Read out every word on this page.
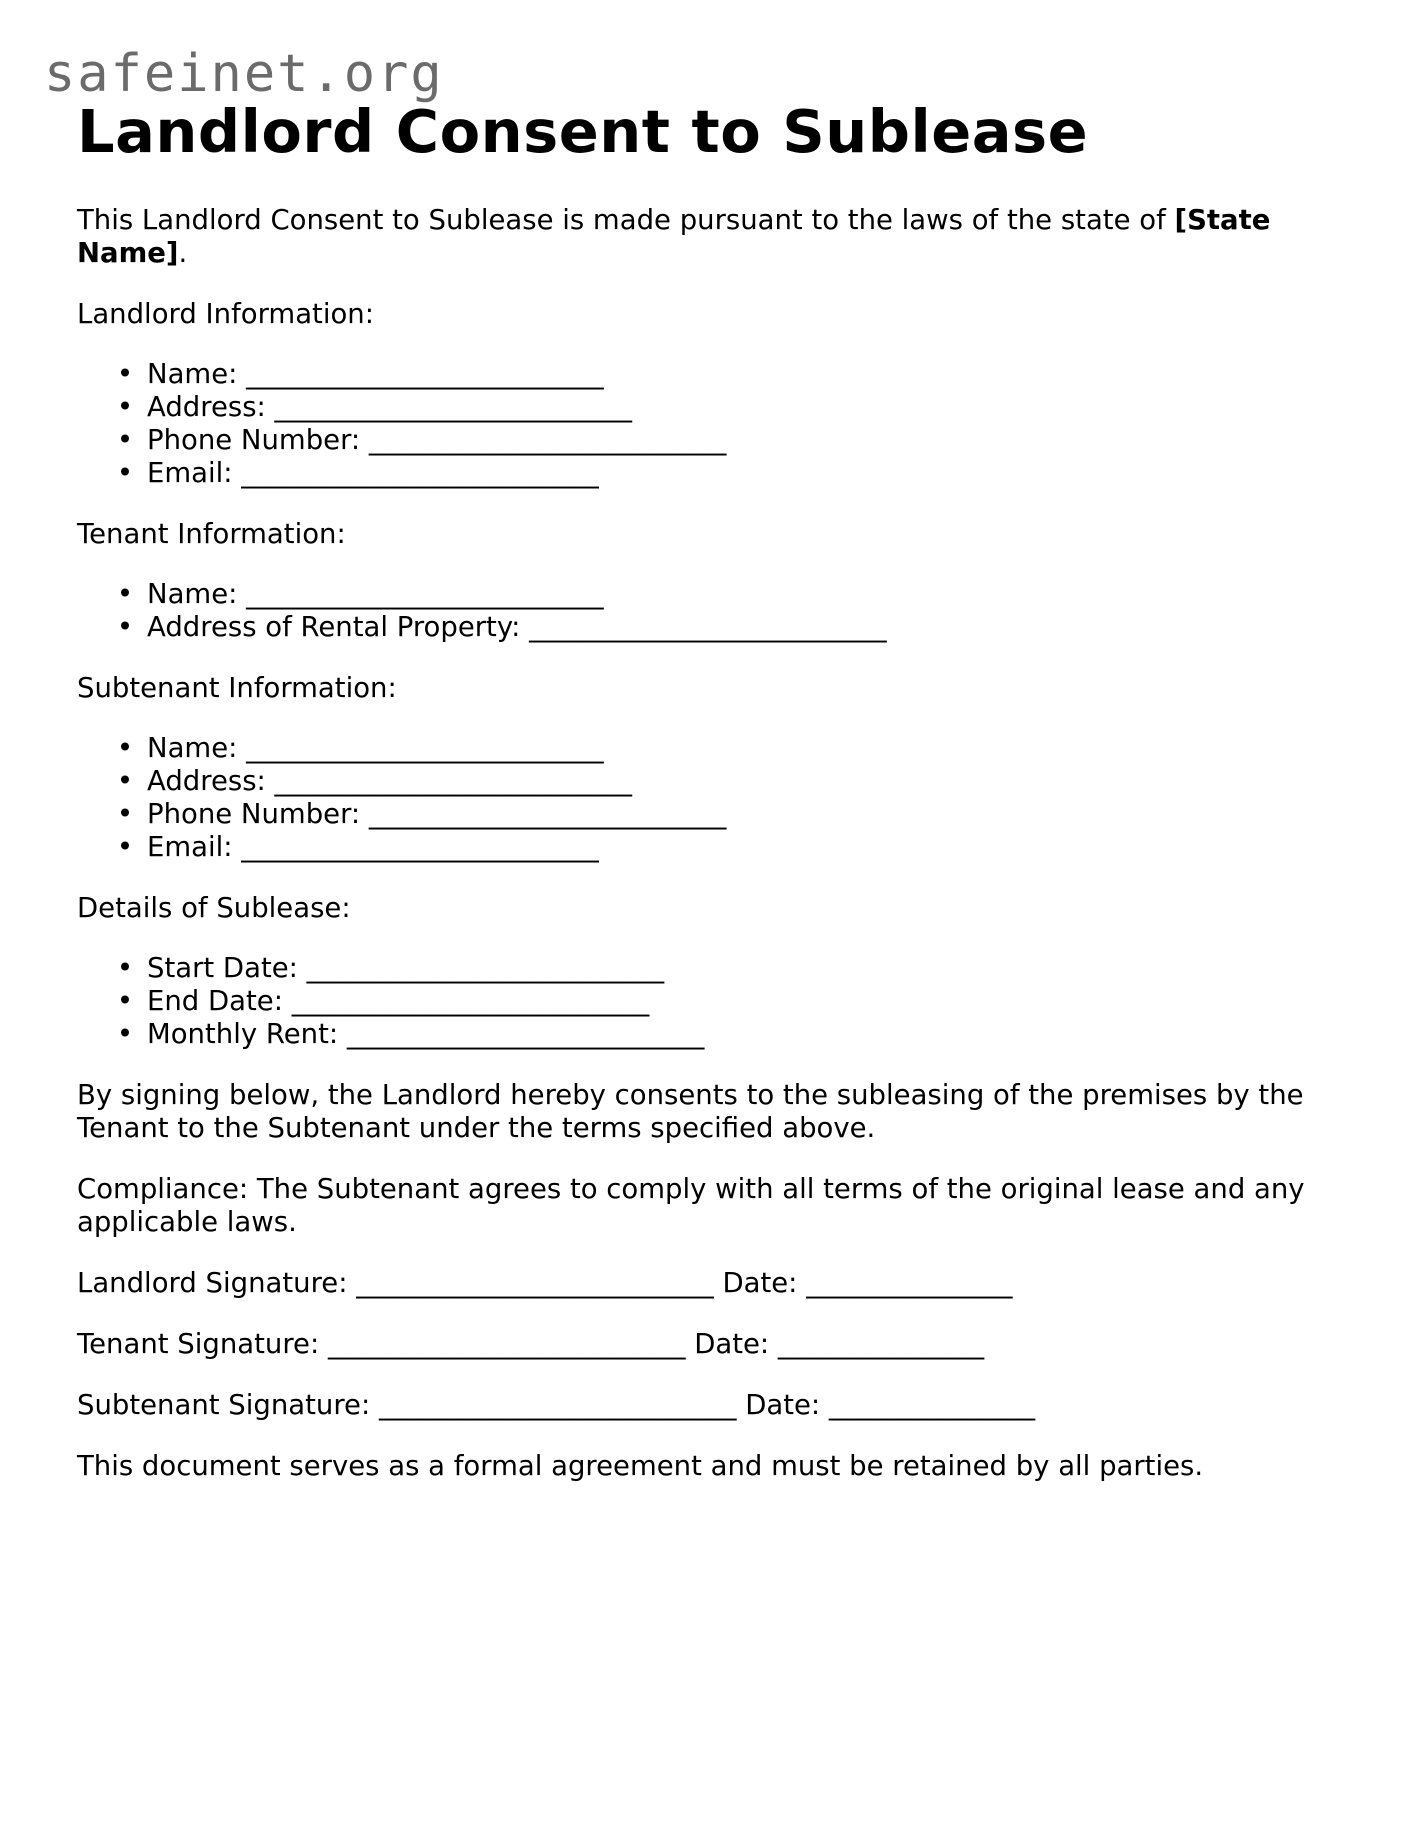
safeinet.org
Landlord Consent to Sublease

This Landlord Consent to Sublease is made pursuant to the laws of the state of [State Name].

Landlord Information:

• Name: __________________________
• Address: __________________________
• Phone Number: __________________________
• Email: __________________________

Tenant Information:

• Name: __________________________
• Address of Rental Property: __________________________

Subtenant Information:

• Name: __________________________
• Address: __________________________
• Phone Number: __________________________
• Email: __________________________

Details of Sublease:

• Start Date: __________________________
• End Date: __________________________
• Monthly Rent: __________________________

By signing below, the Landlord hereby consents to the subleasing of the premises by the Tenant to the Subtenant under the terms specified above.

Compliance: The Subtenant agrees to comply with all terms of the original lease and any applicable laws.

Landlord Signature: __________________________ Date: _______________

Tenant Signature: __________________________ Date: _______________

Subtenant Signature: __________________________ Date: _______________

This document serves as a formal agreement and must be retained by all parties.
